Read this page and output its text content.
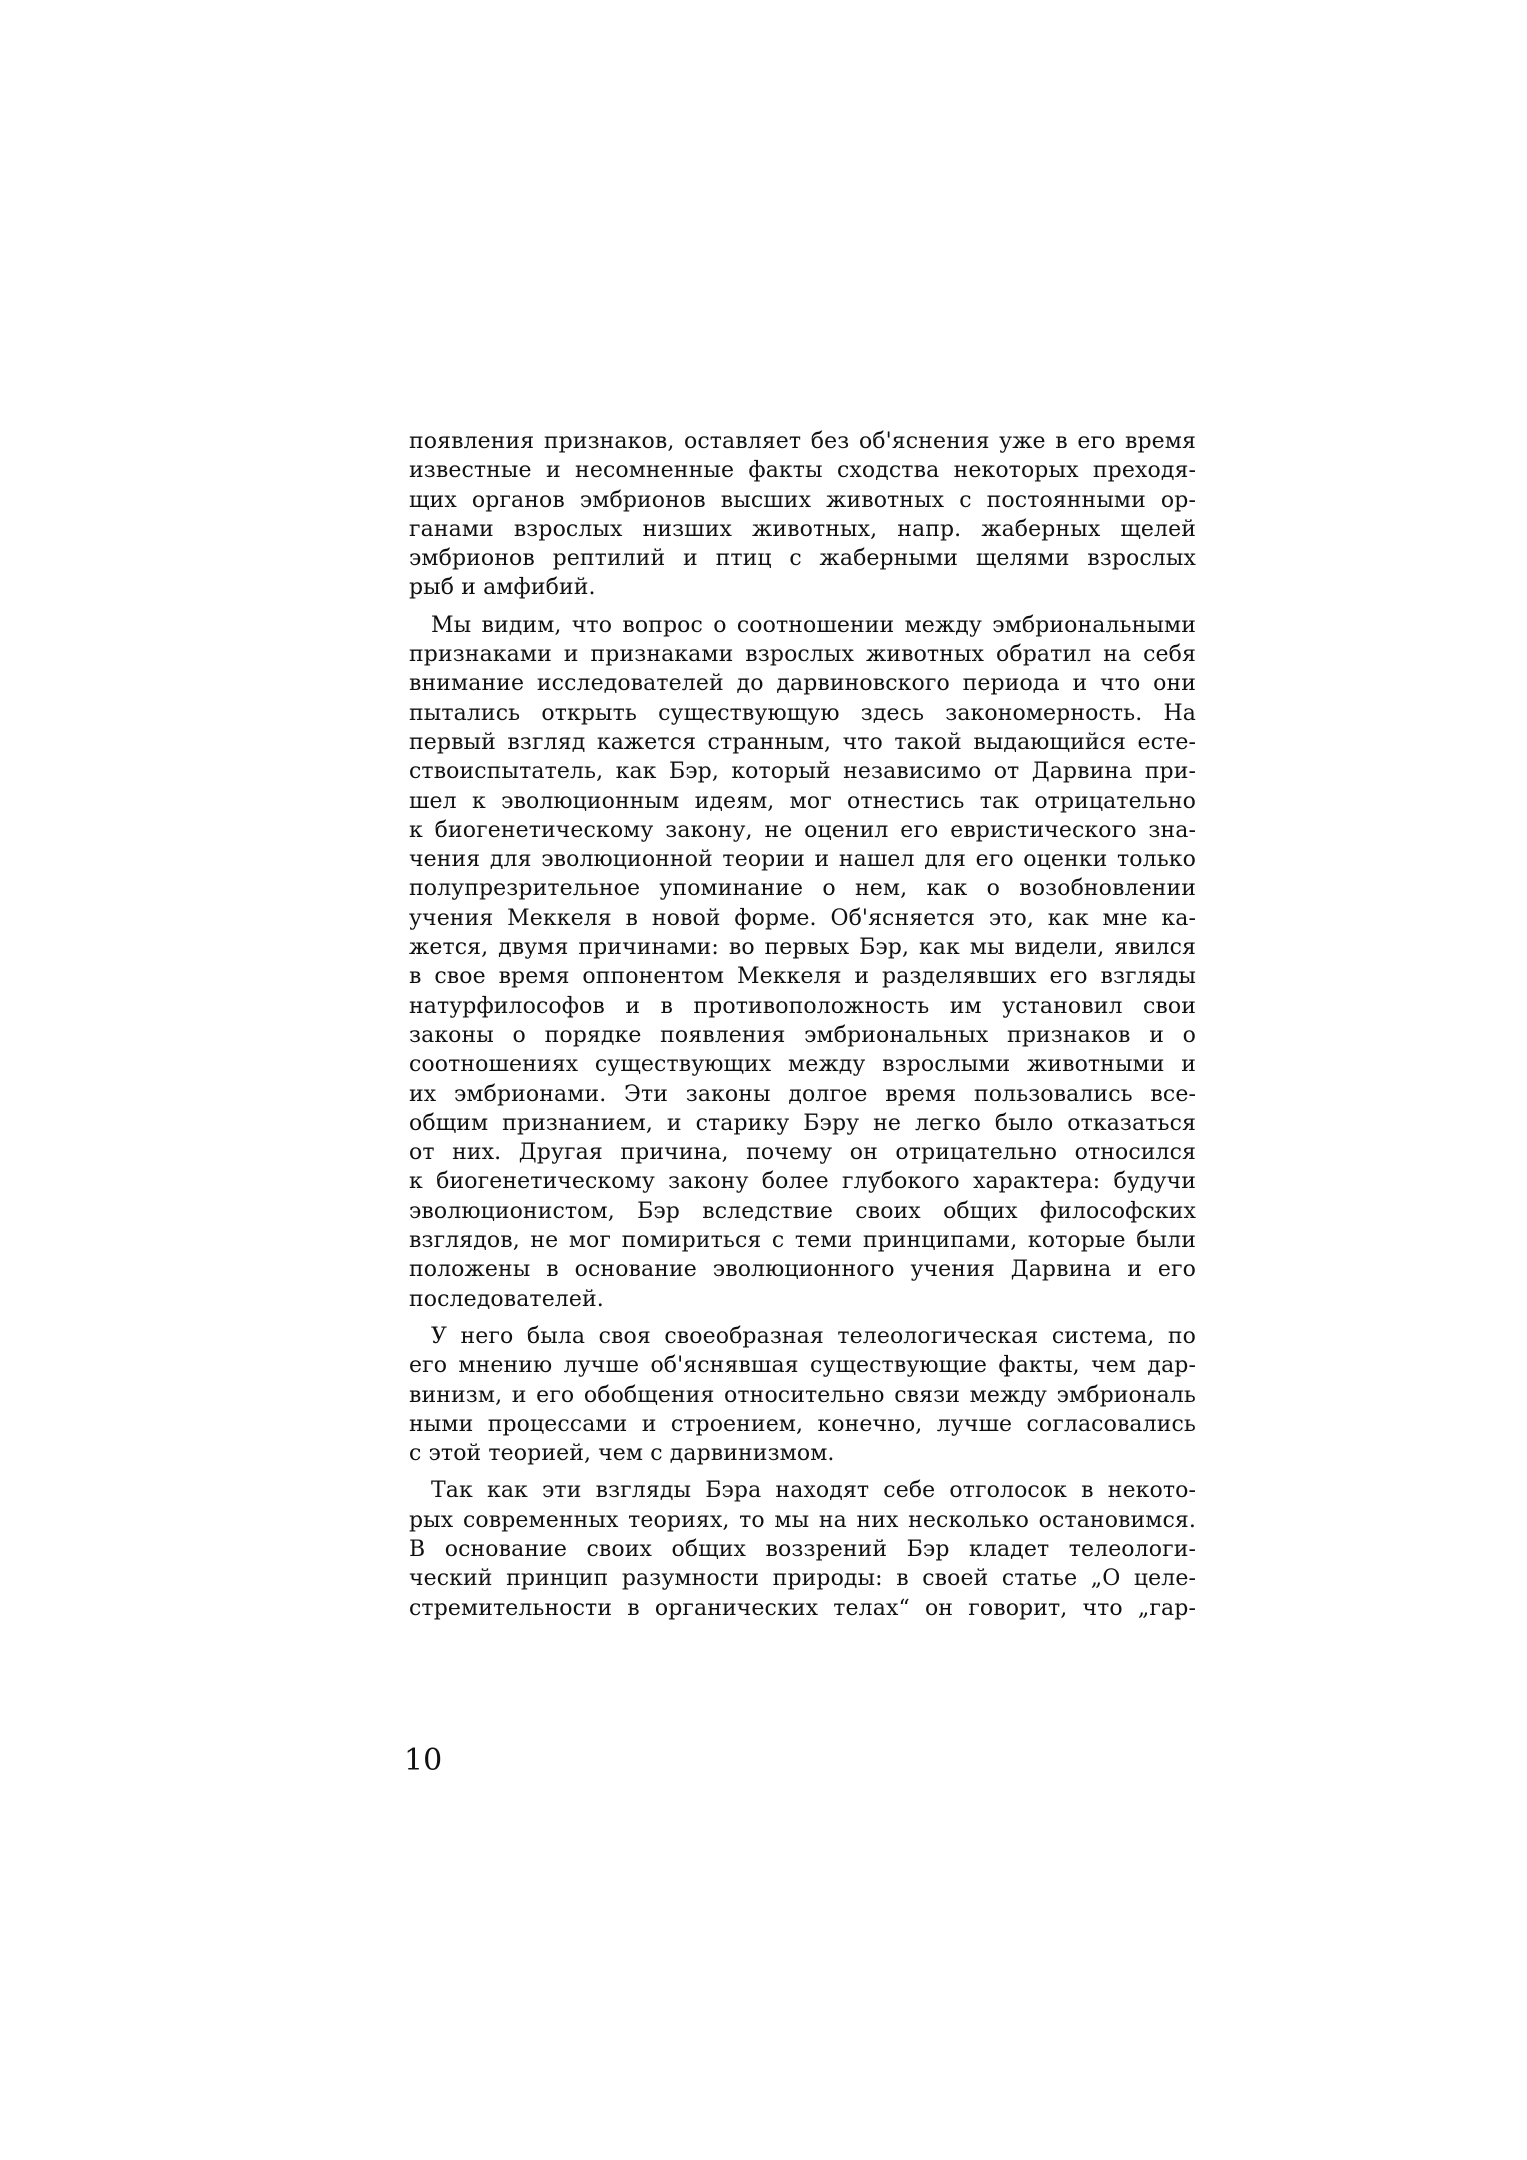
появления признаков, оставляет без об'яснения уже в его время
известные и несомненные факты сходства некоторых преходя-
щих органов эмбрионов высших животных с постоянными ор-
ганами взрослых низших животных, напр. жаберных щелей
эмбрионов рептилий и птиц с жаберными щелями взрослых
рыб и амфибий.
Мы видим, что вопрос о соотношении между эмбриональными
признаками и признаками взрослых животных обратил на себя
внимание исследователей до дарвиновского периода и что они
пытались открыть существующую здесь закономерность. На
первый взгляд кажется странным, что такой выдающийся есте-
ствоиспытатель, как Бэр, который независимо от Дарвина при-
шел к эволюционным идеям, мог отнестись так отрицательно
к биогенетическому закону, не оценил его евристического зна-
чения для эволюционной теории и нашел для его оценки только
полупрезрительное упоминание о нем, как о возобновлении
учения Меккеля в новой форме. Об'ясняется это, как мне ка-
жется, двумя причинами: во первых Бэр, как мы видели, явился
в свое время оппонентом Меккеля и разделявших его взгляды
натурфилософов и в противоположность им установил свои
законы о порядке появления эмбриональных признаков и о
соотношениях существующих между взрослыми животными и
их эмбрионами. Эти законы долгое время пользовались все-
общим признанием, и старику Бэру не легко было отказаться
от них. Другая причина, почему он отрицательно относился
к биогенетическому закону более глубокого характера: будучи
эволюционистом, Бэр вследствие своих общих философских
взглядов, не мог помириться с теми принципами, которые были
положены в основание эволюционного учения Дарвина и его
последователей.
У него была своя своеобразная телеологическая система, по
его мнению лучше об'яснявшая существующие факты, чем дар-
винизм, и его обобщения относительно связи между эмбриональ
ными процессами и строением, конечно, лучше согласовались
с этой теорией, чем с дарвинизмом.
Так как эти взгляды Бэра находят себе отголосок в некото-
рых современных теориях, то мы на них несколько остановимся.
В основание своих общих воззрений Бэр кладет телеологи-
ческий принцип разумности природы: в своей статье „О целе-
стремительности в органических телах“ он говорит, что „гар-
10
